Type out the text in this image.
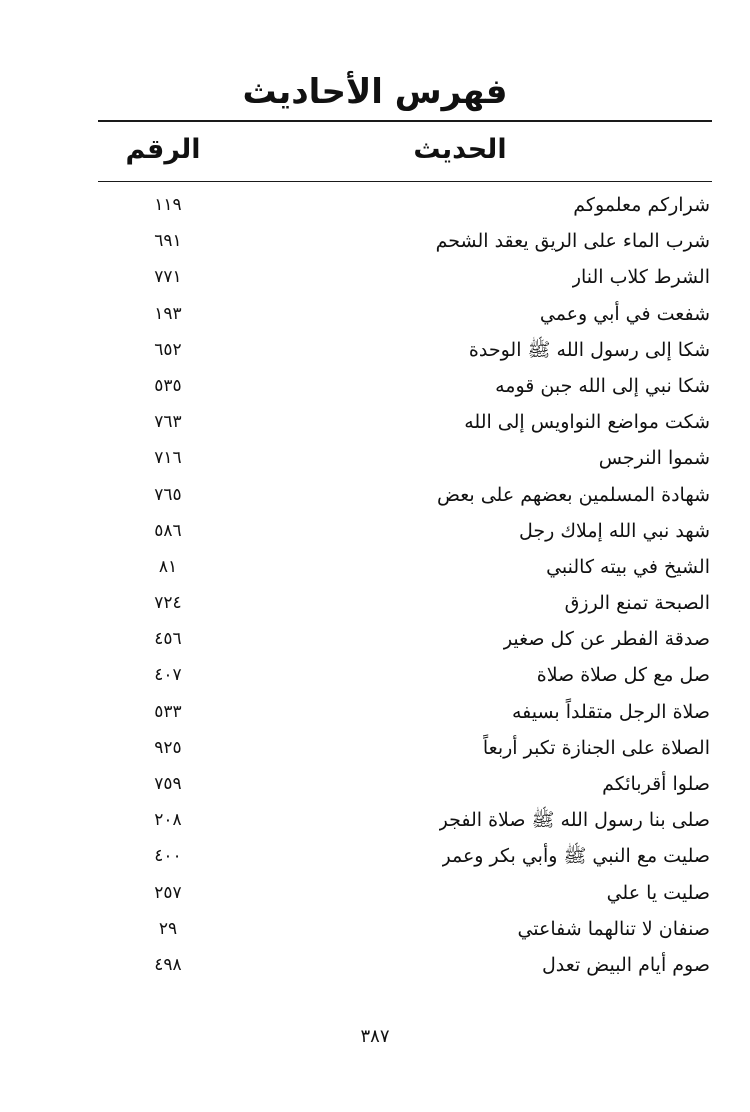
فهرس الأحاديث
الحديث
الرقم
شراركم معلموكم
١١٩
شرب الماء على الريق يعقد الشحم
٦٩١
الشرط كلاب النار
٧٧١
شفعت في أبي وعمي
١٩٣
شكا إلى رسول الله ﷺ الوحدة
٦٥٢
شكا نبي إلى الله جبن قومه
٥٣٥
شكت مواضع النواويس إلى الله
٧٦٣
شموا النرجس
٧١٦
شهادة المسلمين بعضهم على بعض
٧٦٥
شهد نبي الله إملاك رجل
٥٨٦
الشيخ في بيته كالنبي
٨١
الصبحة تمنع الرزق
٧٢٤
صدقة الفطر عن كل صغير
٤٥٦
صل مع كل صلاة صلاة
٤٠٧
صلاة الرجل متقلداً بسيفه
٥٣٣
الصلاة على الجنازة تكبر أربعاً
٩٢٥
صلوا أقربائكم
٧٥٩
صلى بنا رسول الله ﷺ صلاة الفجر
٢٠٨
صليت مع النبي ﷺ وأبي بكر وعمر
٤٠٠
صليت يا علي
٢٥٧
صنفان لا تنالهما شفاعتي
٢٩
صوم أيام البيض تعدل
٤٩٨
٣٨٧
